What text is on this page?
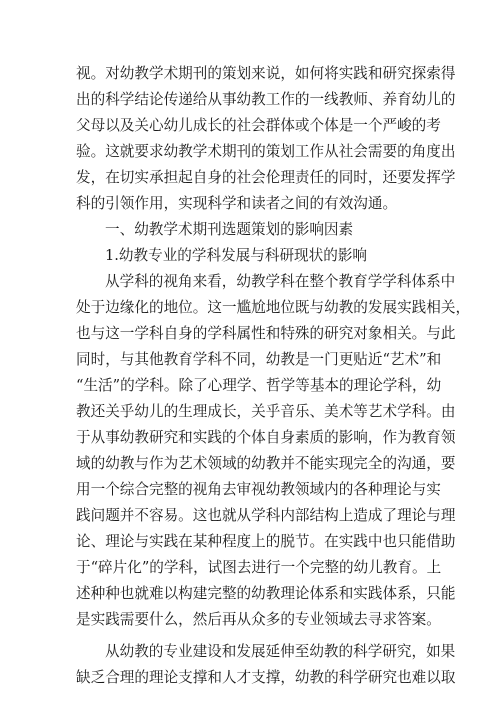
视。对幼教学术期刊的策划来说，如何将实践和研究探索得
出的科学结论传递给从事幼教工作的一线教师、养育幼儿的
父母以及关心幼儿成长的社会群体或个体是一个严峻的考
验。这就要求幼教学术期刊的策划工作从社会需要的角度出
发，在切实承担起自身的社会伦理责任的同时，还要发挥学
科的引领作用，实现科学和读者之间的有效沟通。
一、幼教学术期刊选题策划的影响因素
1.幼教专业的学科发展与科研现状的影响
从学科的视角来看，幼教学科在整个教育学学科体系中
处于边缘化的地位。这一尴尬地位既与幼教的发展实践相关，
也与这一学科自身的学科属性和特殊的研究对象相关。与此
同时，与其他教育学科不同，幼教是一门更贴近“艺术”和
“生活”的学科。除了心理学、哲学等基本的理论学科，幼
教还关乎幼儿的生理成长，关乎音乐、美术等艺术学科。由
于从事幼教研究和实践的个体自身素质的影响，作为教育领
域的幼教与作为艺术领域的幼教并不能实现完全的沟通，要
用一个综合完整的视角去审视幼教领域内的各种理论与实
践问题并不容易。这也就从学科内部结构上造成了理论与理
论、理论与实践在某种程度上的脱节。在实践中也只能借助
于“碎片化”的学科，试图去进行一个完整的幼儿教育。上
述种种也就难以构建完整的幼教理论体系和实践体系，只能
是实践需要什么，然后再从众多的专业领域去寻求答案。
从幼教的专业建设和发展延伸至幼教的科学研究，如果
缺乏合理的理论支撑和人才支撑，幼教的科学研究也难以取
